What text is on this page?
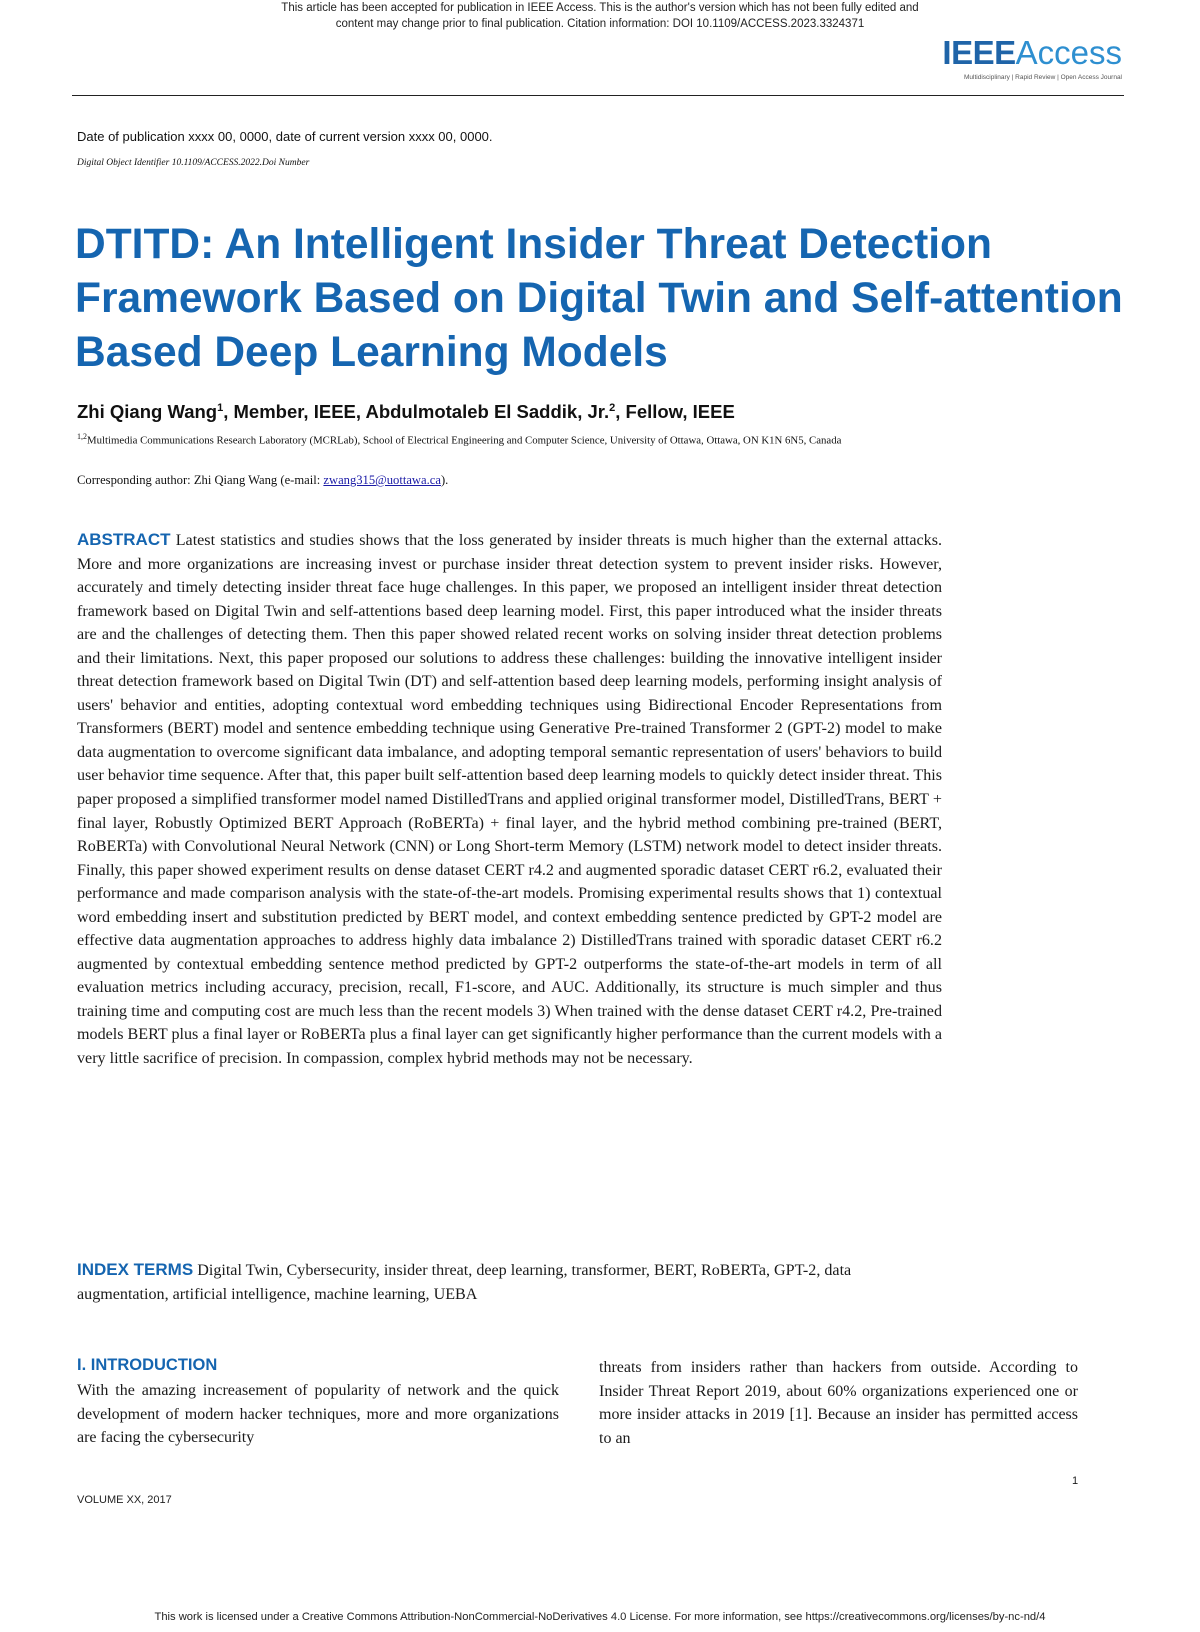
This article has been accepted for publication in IEEE Access. This is the author's version which has not been fully edited and
content may change prior to final publication. Citation information: DOI 10.1109/ACCESS.2023.3324371
IEEEAccess
Multidisciplinary | Rapid Review | Open Access Journal
Date of publication xxxx 00, 0000, date of current version xxxx 00, 0000.
Digital Object Identifier 10.1109/ACCESS.2022.Doi Number
DTITD: An Intelligent Insider Threat Detection Framework Based on Digital Twin and Self-attention Based Deep Learning Models
Zhi Qiang Wang$^1$, Member, IEEE, Abdulmotaleb El Saddik, Jr.$^2$, Fellow, IEEE
$^{1,2}$Multimedia Communications Research Laboratory (MCRLab), School of Electrical Engineering and Computer Science, University of Ottawa, Ottawa, ON K1N 6N5, Canada
Corresponding author: Zhi Qiang Wang (e-mail: zwang315@uottawa.ca).
ABSTRACT Latest statistics and studies shows that the loss generated by insider threats is much higher than the external attacks. More and more organizations are increasing invest or purchase insider threat detection system to prevent insider risks. However, accurately and timely detecting insider threat face huge challenges. In this paper, we proposed an intelligent insider threat detection framework based on Digital Twin and self-attentions based deep learning model. First, this paper introduced what the insider threats are and the challenges of detecting them. Then this paper showed related recent works on solving insider threat detection problems and their limitations. Next, this paper proposed our solutions to address these challenges: building the innovative intelligent insider threat detection framework based on Digital Twin (DT) and self-attention based deep learning models, performing insight analysis of users' behavior and entities, adopting contextual word embedding techniques using Bidirectional Encoder Representations from Transformers (BERT) model and sentence embedding technique using Generative Pre-trained Transformer 2 (GPT-2) model to make data augmentation to overcome significant data imbalance, and adopting temporal semantic representation of users' behaviors to build user behavior time sequence. After that, this paper built self-attention based deep learning models to quickly detect insider threat. This paper proposed a simplified transformer model named DistilledTrans and applied original transformer model, DistilledTrans, BERT + final layer, Robustly Optimized BERT Approach (RoBERTa) + final layer, and the hybrid method combining pre-trained (BERT, RoBERTa) with Convolutional Neural Network (CNN) or Long Short-term Memory (LSTM) network model to detect insider threats. Finally, this paper showed experiment results on dense dataset CERT r4.2 and augmented sporadic dataset CERT r6.2, evaluated their performance and made comparison analysis with the state-of-the-art models. Promising experimental results shows that 1) contextual word embedding insert and substitution predicted by BERT model, and context embedding sentence predicted by GPT-2 model are effective data augmentation approaches to address highly data imbalance 2) DistilledTrans trained with sporadic dataset CERT r6.2 augmented by contextual embedding sentence method predicted by GPT-2 outperforms the state-of-the-art models in term of all evaluation metrics including accuracy, precision, recall, F1-score, and AUC. Additionally, its structure is much simpler and thus training time and computing cost are much less than the recent models 3) When trained with the dense dataset CERT r4.2, Pre-trained models BERT plus a final layer or RoBERTa plus a final layer can get significantly higher performance than the current models with a very little sacrifice of precision. In compassion, complex hybrid methods may not be necessary.
INDEX TERMS Digital Twin, Cybersecurity, insider threat, deep learning, transformer, BERT, RoBERTa, GPT-2, data augmentation, artificial intelligence, machine learning, UEBA
I. INTRODUCTION
With the amazing increasement of popularity of network and the quick development of modern hacker techniques, more and more organizations are facing the cybersecurity
threats from insiders rather than hackers from outside. According to Insider Threat Report 2019, about 60% organizations experienced one or more insider attacks in 2019 [1]. Because an insider has permitted access to an
1
VOLUME XX, 2017
This work is licensed under a Creative Commons Attribution-NonCommercial-NoDerivatives 4.0 License. For more information, see https://creativecommons.org/licenses/by-nc-nd/4
